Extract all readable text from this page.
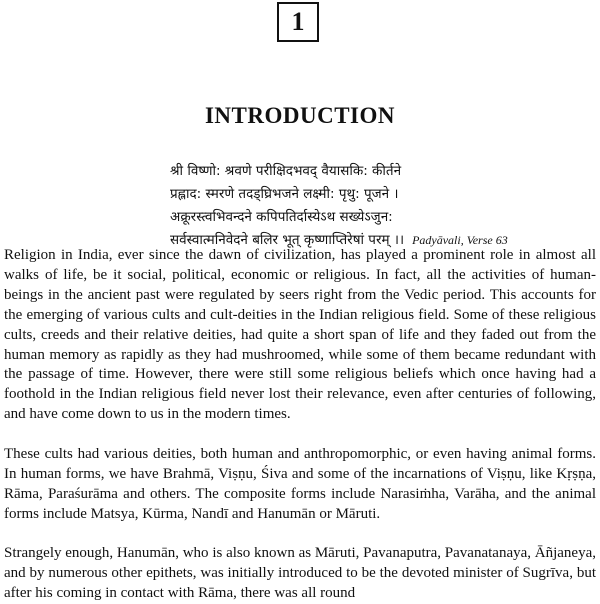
1
INTRODUCTION
श्री विष्णो: श्रवणे परीक्षिदभवद् वैयासकि: कीर्तने
प्रह्लाद: स्मरणे तदड्घ्रिभजने लक्ष्मी: पृथु: पूजने ।
अक्रूरस्त्वभिवन्दने कपिपतिर्दास्येऽथ सख्येऽजुन:
सर्वस्वात्मनिवेदने बलिर भूत् कृष्णाप्तिरेषां परम् ।। Padyāvali, Verse 63

Religion in India, ever since the dawn of civilization, has played a prominent role in almost all walks of life, be it social, political, economic or religious. In fact, all the activities of human-beings in the ancient past were regulated by seers right from the Vedic period. This accounts for the emerging of various cults and cult-deities in the Indian religious field. Some of these religious cults, creeds and their relative deities, had quite a short span of life and they faded out from the human memory as rapidly as they had mushroomed, while some of them became redundant with the passage of time. However, there were still some religious beliefs which once having had a foothold in the Indian religious field never lost their relevance, even after centuries of following, and have come down to us in the modern times.

These cults had various deities, both human and anthropomorphic, or even having animal forms. In human forms, we have Brahmā, Viṣṇu, Śiva and some of the incarnations of Viṣṇu, like Kṛṣṇa, Rāma, Paraśurāma and others. The composite forms include Narasiṁha, Varāha, and the animal forms include Matsya, Kūrma, Nandī and Hanumān or Māruti.

Strangely enough, Hanumān, who is also known as Māruti, Pavanaputra, Pavanatanaya, Āñjaneya, and by numerous other epithets, was initially introduced to be the devoted minister of Sugrīva, but after his coming in contact with Rāma, there was all round
